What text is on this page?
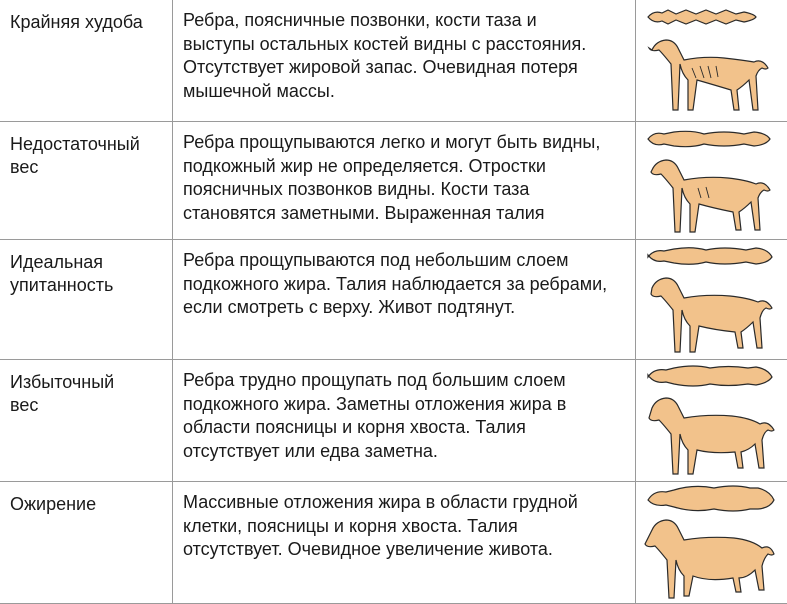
Крайняя худоба	Ребра, поясничные позвонки, кости таза и
выступы остальных костей видны с расстояния.
Отсутствует жировой запас. Очевидная потеря
мышечной массы.
Недостаточный
вес
Ребра прощупываются легко и могут быть видны,
подкожный жир не определяется. Отростки
поясничных позвонков видны. Кости таза
становятся заметными. Выраженная талия
Идеальная
упитанность
Ребра прощупываются под небольшим слоем
подкожного жира. Талия наблюдается за ребрами,
если смотреть с верху. Живот подтянут.
Избыточный
вес
Ребра трудно прощупать под большим слоем
подкожного жира. Заметны отложения жира в
области поясницы и корня хвоста. Талия
отсутствует или едва заметна.
Ожирение	Массивные отложения жира в области грудной
клетки, поясницы и корня хвоста. Талия
отсутствует. Очевидное увеличение живота.
